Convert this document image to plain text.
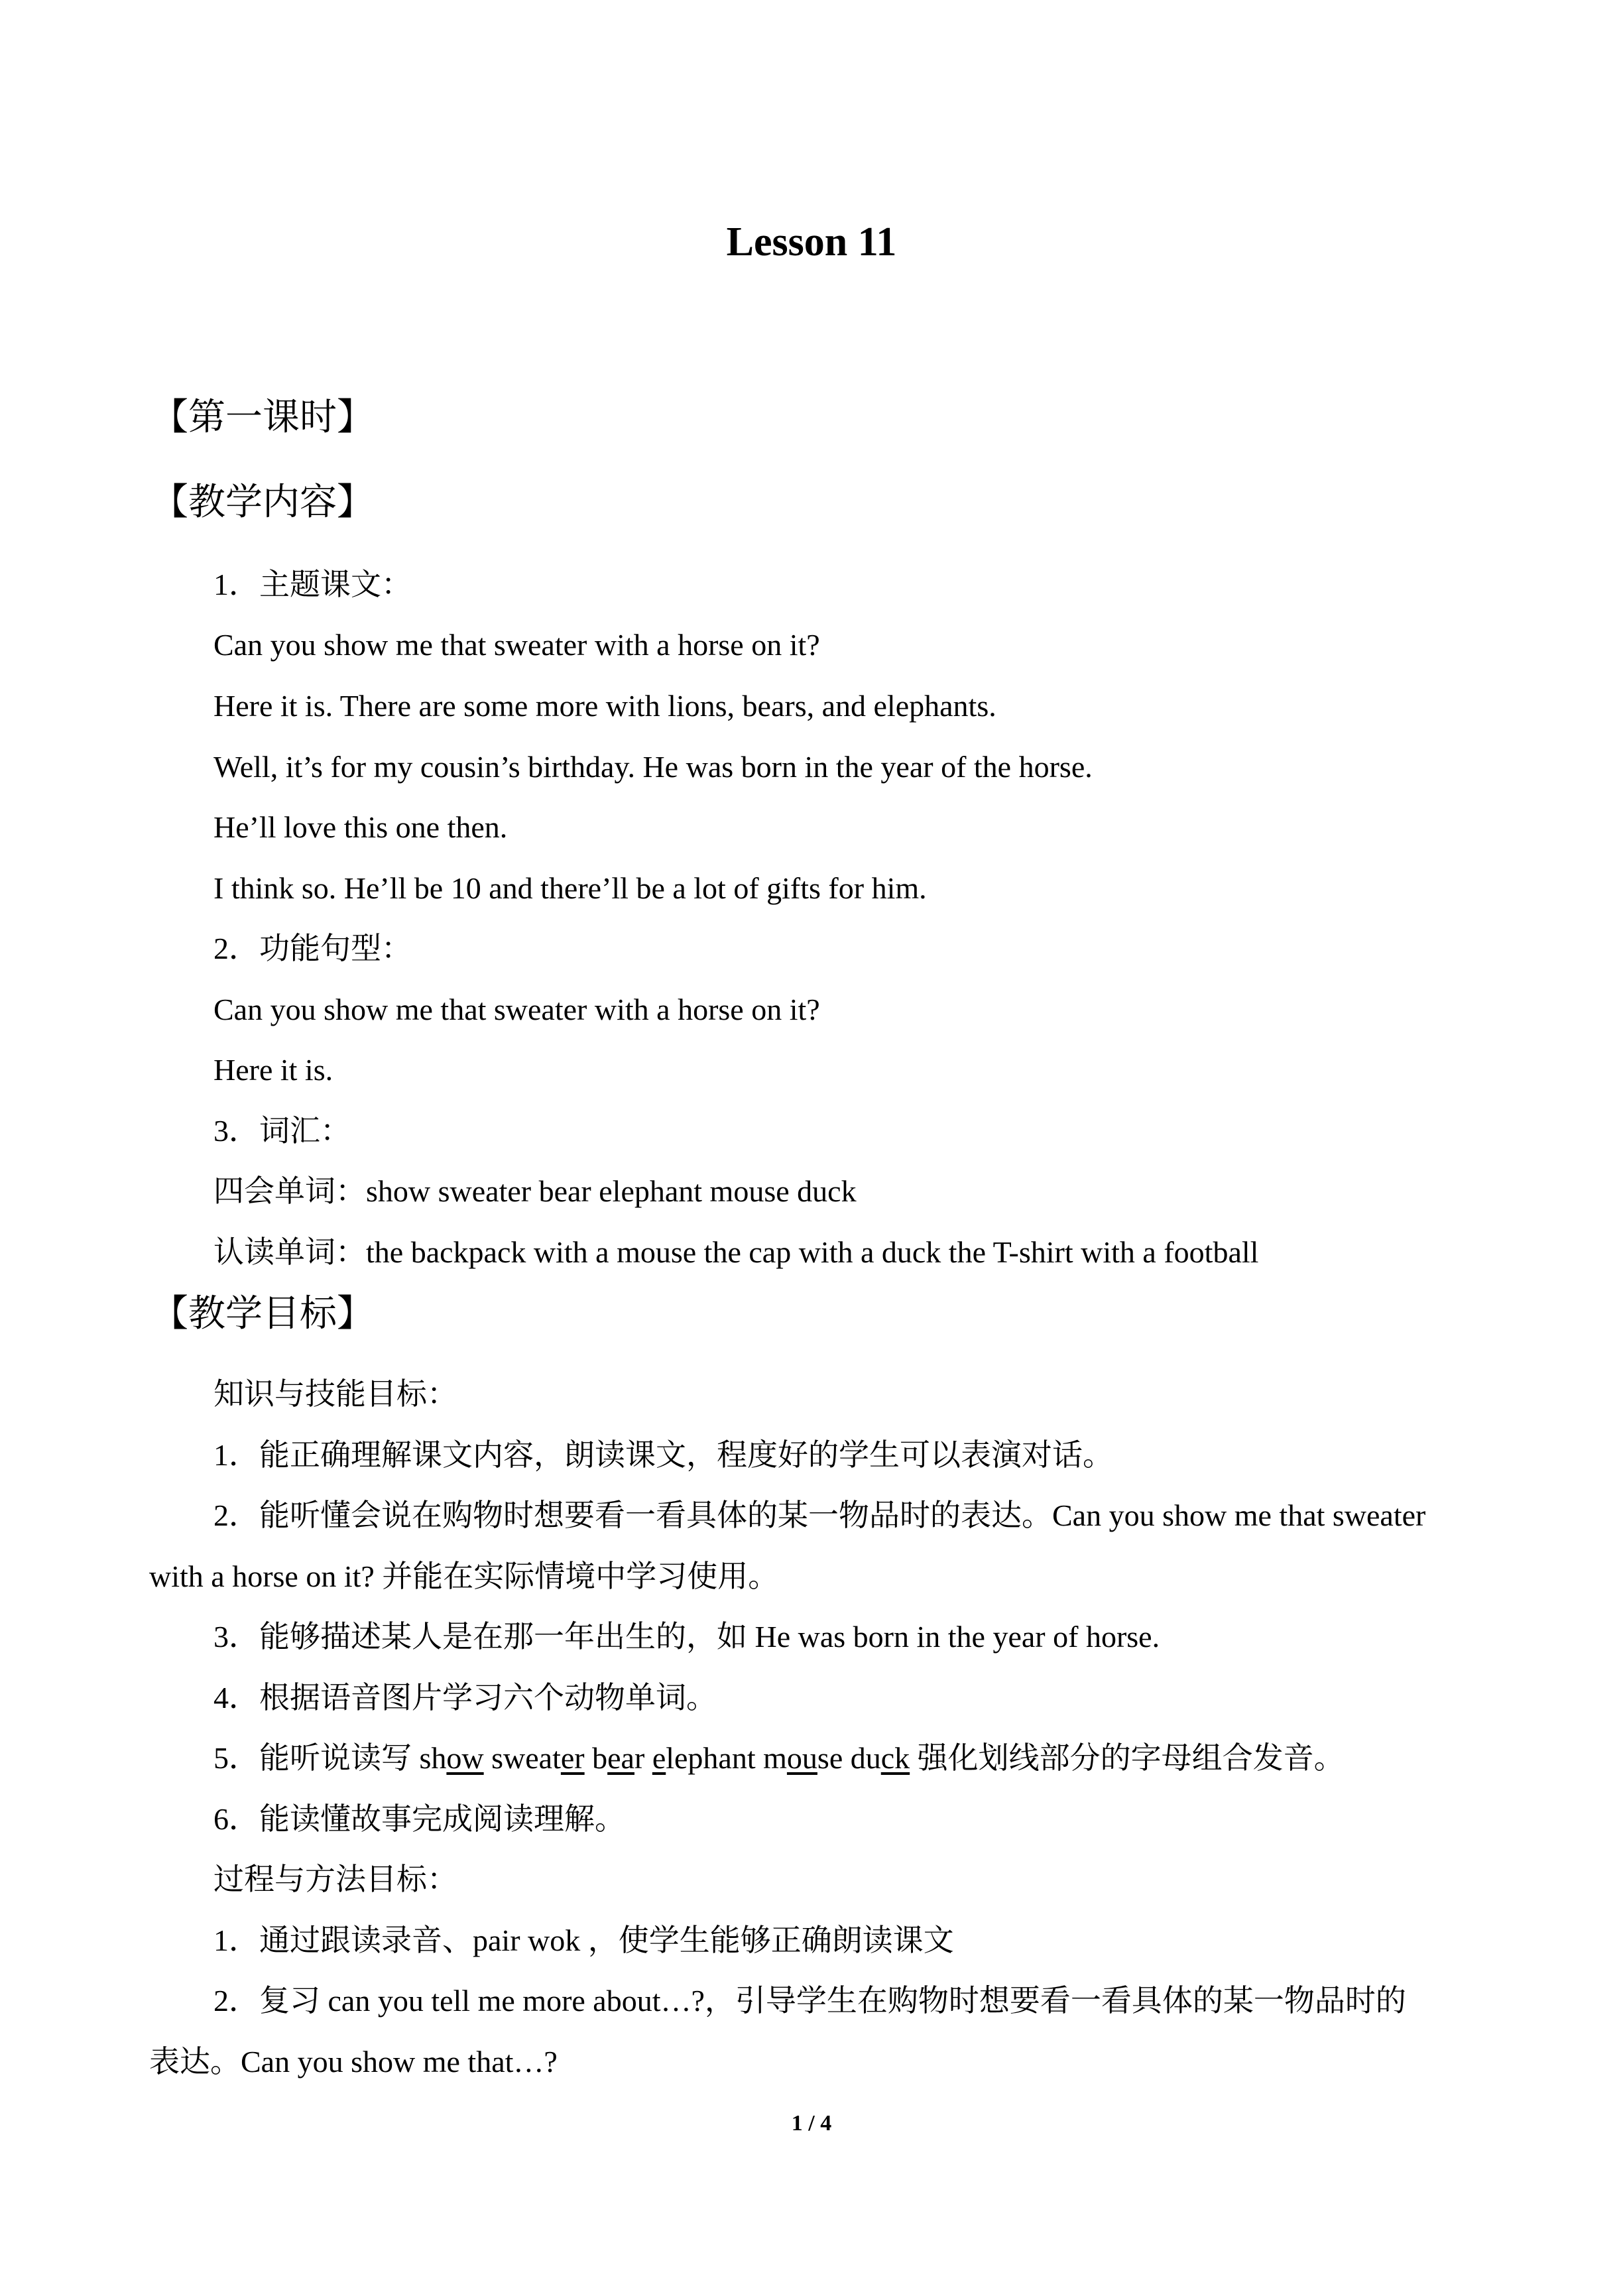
Lesson 11
【第一课时】
【教学内容】
1．主题课文：
Can you show me that sweater with a horse on it?
Here it is. There are some more with lions, bears, and elephants.
Well, it’s for my cousin’s birthday. He was born in the year of the horse.
He’ll love this one then.
I think so. He’ll be 10 and there’ll be a lot of gifts for him.
2．功能句型：
Can you show me that sweater with a horse on it?
Here it is.
3．词汇：
四会单词：show sweater bear elephant mouse duck
认读单词：the backpack with a mouse the cap with a duck the T-shirt with a football
【教学目标】
知识与技能目标：
1．能正确理解课文内容，朗读课文，程度好的学生可以表演对话。
2．能听懂会说在购物时想要看一看具体的某一物品时的表达。Can you show me that sweater
with a horse on it? 并能在实际情境中学习使用。
3．能够描述某人是在那一年出生的，如 He was born in the year of horse.
4．根据语音图片学习六个动物单词。
5．能听说读写 show sweater bear elephant mouse duck 强化划线部分的字母组合发音。
6．能读懂故事完成阅读理解。
过程与方法目标：
1．通过跟读录音、pair wok ，使学生能够正确朗读课文
2．复习 can you tell me more about…?，引导学生在购物时想要看一看具体的某一物品时的
表达。Can you show me that…?
1 / 4
